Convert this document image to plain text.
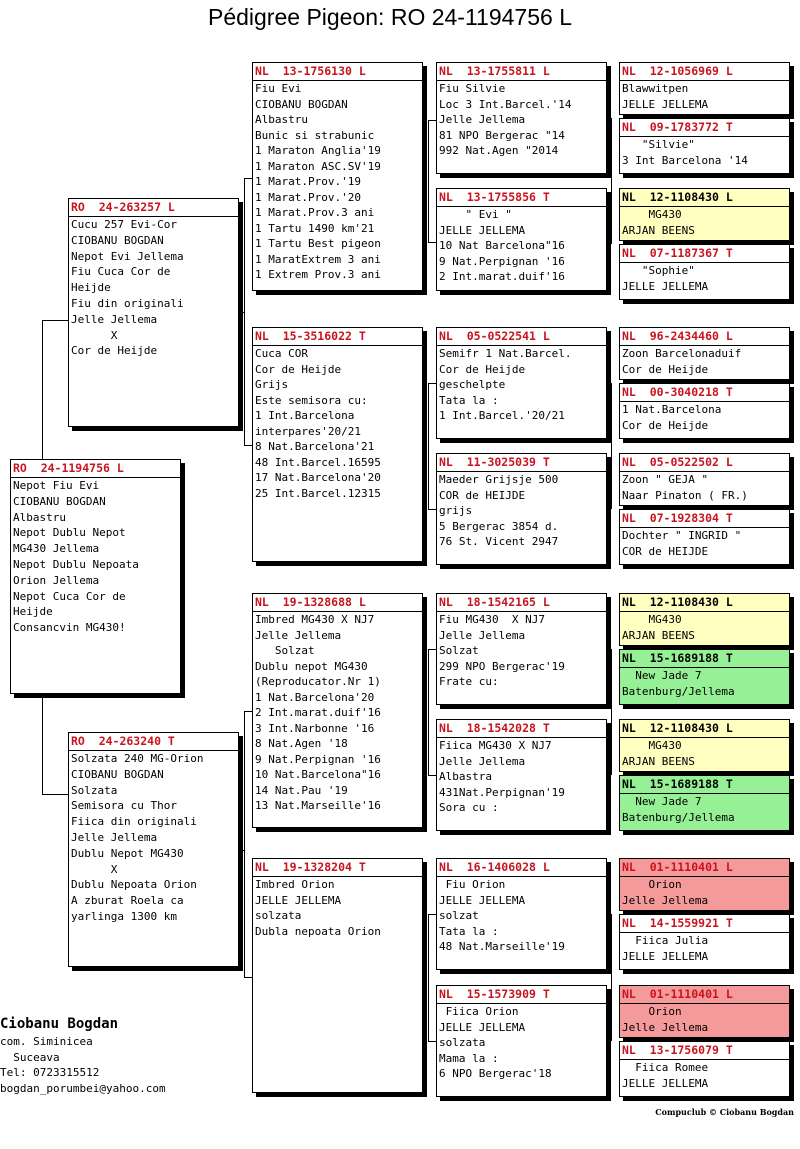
Pédigree Pigeon: RO 24-1194756 L
RO  24-1194756 L
Nepot Fiu Evi
CIOBANU BOGDAN
Albastru
Nepot Dublu Nepot
MG430 Jellema
Nepot Dublu Nepoata
Orion Jellema
Nepot Cuca Cor de
Heijde
Consancvin MG430!
RO  24-263257 L
Cucu 257 Evi-Cor
CIOBANU BOGDAN
Nepot Evi Jellema
Fiu Cuca Cor de
Heijde
Fiu din originali
Jelle Jellema
X
Cor de Heijde
RO  24-263240 T
Solzata 240 MG-Orion
CIOBANU BOGDAN
Solzata
Semisora cu Thor
Fiica din originali
Jelle Jellema
Dublu Nepot MG430
X
Dublu Nepoata Orion
A zburat Roela ca
yarlinga 1300 km
NL  13-1756130 L
Fiu Evi
CIOBANU BOGDAN
Albastru
Bunic si strabunic
1 Maraton Anglia'19
1 Maraton ASC.SV'19
1 Marat.Prov.'19
1 Marat.Prov.'20
1 Marat.Prov.3 ani
1 Tartu 1490 km'21
1 Tartu Best pigeon
1 MaratExtrem 3 ani
1 Extrem Prov.3 ani
NL  15-3516022 T
Cuca COR
Cor de Heijde
Grijs
Este semisora cu:
1 Int.Barcelona
interpares'20/21
8 Nat.Barcelona'21
48 Int.Barcel.16595
17 Nat.Barcelona'20
25 Int.Barcel.12315
NL  19-1328688 L
Imbred MG430 X NJ7
Jelle Jellema
Solzat
Dublu nepot MG430
(Reproducator.Nr 1)
1 Nat.Barcelona'20
2 Int.marat.duif'16
3 Int.Narbonne '16
8 Nat.Agen '18
9 Nat.Perpignan '16
10 Nat.Barcelona"16
14 Nat.Pau '19
13 Nat.Marseille'16
NL  19-1328204 T
Imbred Orion
JELLE JELLEMA
solzata
Dubla nepoata Orion
NL  13-1755811 L
Fiu Silvie
Loc 3 Int.Barcel.'14
Jelle Jellema
81 NPO Bergerac "14
992 Nat.Agen "2014
NL  13-1755856 T
" Evi "
JELLE JELLEMA
10 Nat Barcelona"16
9 Nat.Perpignan '16
2 Int.marat.duif'16
NL  05-0522541 L
Semifr 1 Nat.Barcel.
Cor de Heijde
geschelpte
Tata la :
1 Int.Barcel.'20/21
NL  11-3025039 T
Maeder Grijsje 500
COR de HEIJDE
grijs
5 Bergerac 3854 d.
76 St. Vicent 2947
NL  18-1542165 L
Fiu MG430  X NJ7
Jelle Jellema
Solzat
299 NPO Bergerac'19
Frate cu:
NL  18-1542028 T
Fiica MG430 X NJ7
Jelle Jellema
Albastra
431Nat.Perpignan'19
Sora cu :
NL  16-1406028 L
Fiu Orion
JELLE JELLEMA
solzat
Tata la :
48 Nat.Marseille'19
NL  15-1573909 T
Fiica Orion
JELLE JELLEMA
solzata
Mama la :
6 NPO Bergerac'18
NL  12-1056969 L
Blawwitpen
JELLE JELLEMA
NL  09-1783772 T
"Silvie"
3 Int Barcelona '14
NL  12-1108430 L
MG430
ARJAN BEENS
NL  07-1187367 T
"Sophie"
JELLE JELLEMA
NL  96-2434460 L
Zoon Barcelonaduif
Cor de Heijde
NL  00-3040218 T
1 Nat.Barcelona
Cor de Heijde
NL  05-0522502 L
Zoon " GEJA "
Naar Pinaton ( FR.)
NL  07-1928304 T
Dochter " INGRID "
COR de HEIJDE
NL  12-1108430 L
MG430
ARJAN BEENS
NL  15-1689188 T
New Jade 7
Batenburg/Jellema
NL  12-1108430 L
MG430
ARJAN BEENS
NL  15-1689188 T
New Jade 7
Batenburg/Jellema
NL  01-1110401 L
Orion
Jelle Jellema
NL  14-1559921 T
Fiica Julia
JELLE JELLEMA
NL  01-1110401 L
Orion
Jelle Jellema
NL  13-1756079 T
Fiica Romee
JELLE JELLEMA
Ciobanu Bogdan
com. Siminicea
Suceava
Tel: 0723315512
bogdan_porumbei@yahoo.com
Compuclub © Ciobanu Bogdan
